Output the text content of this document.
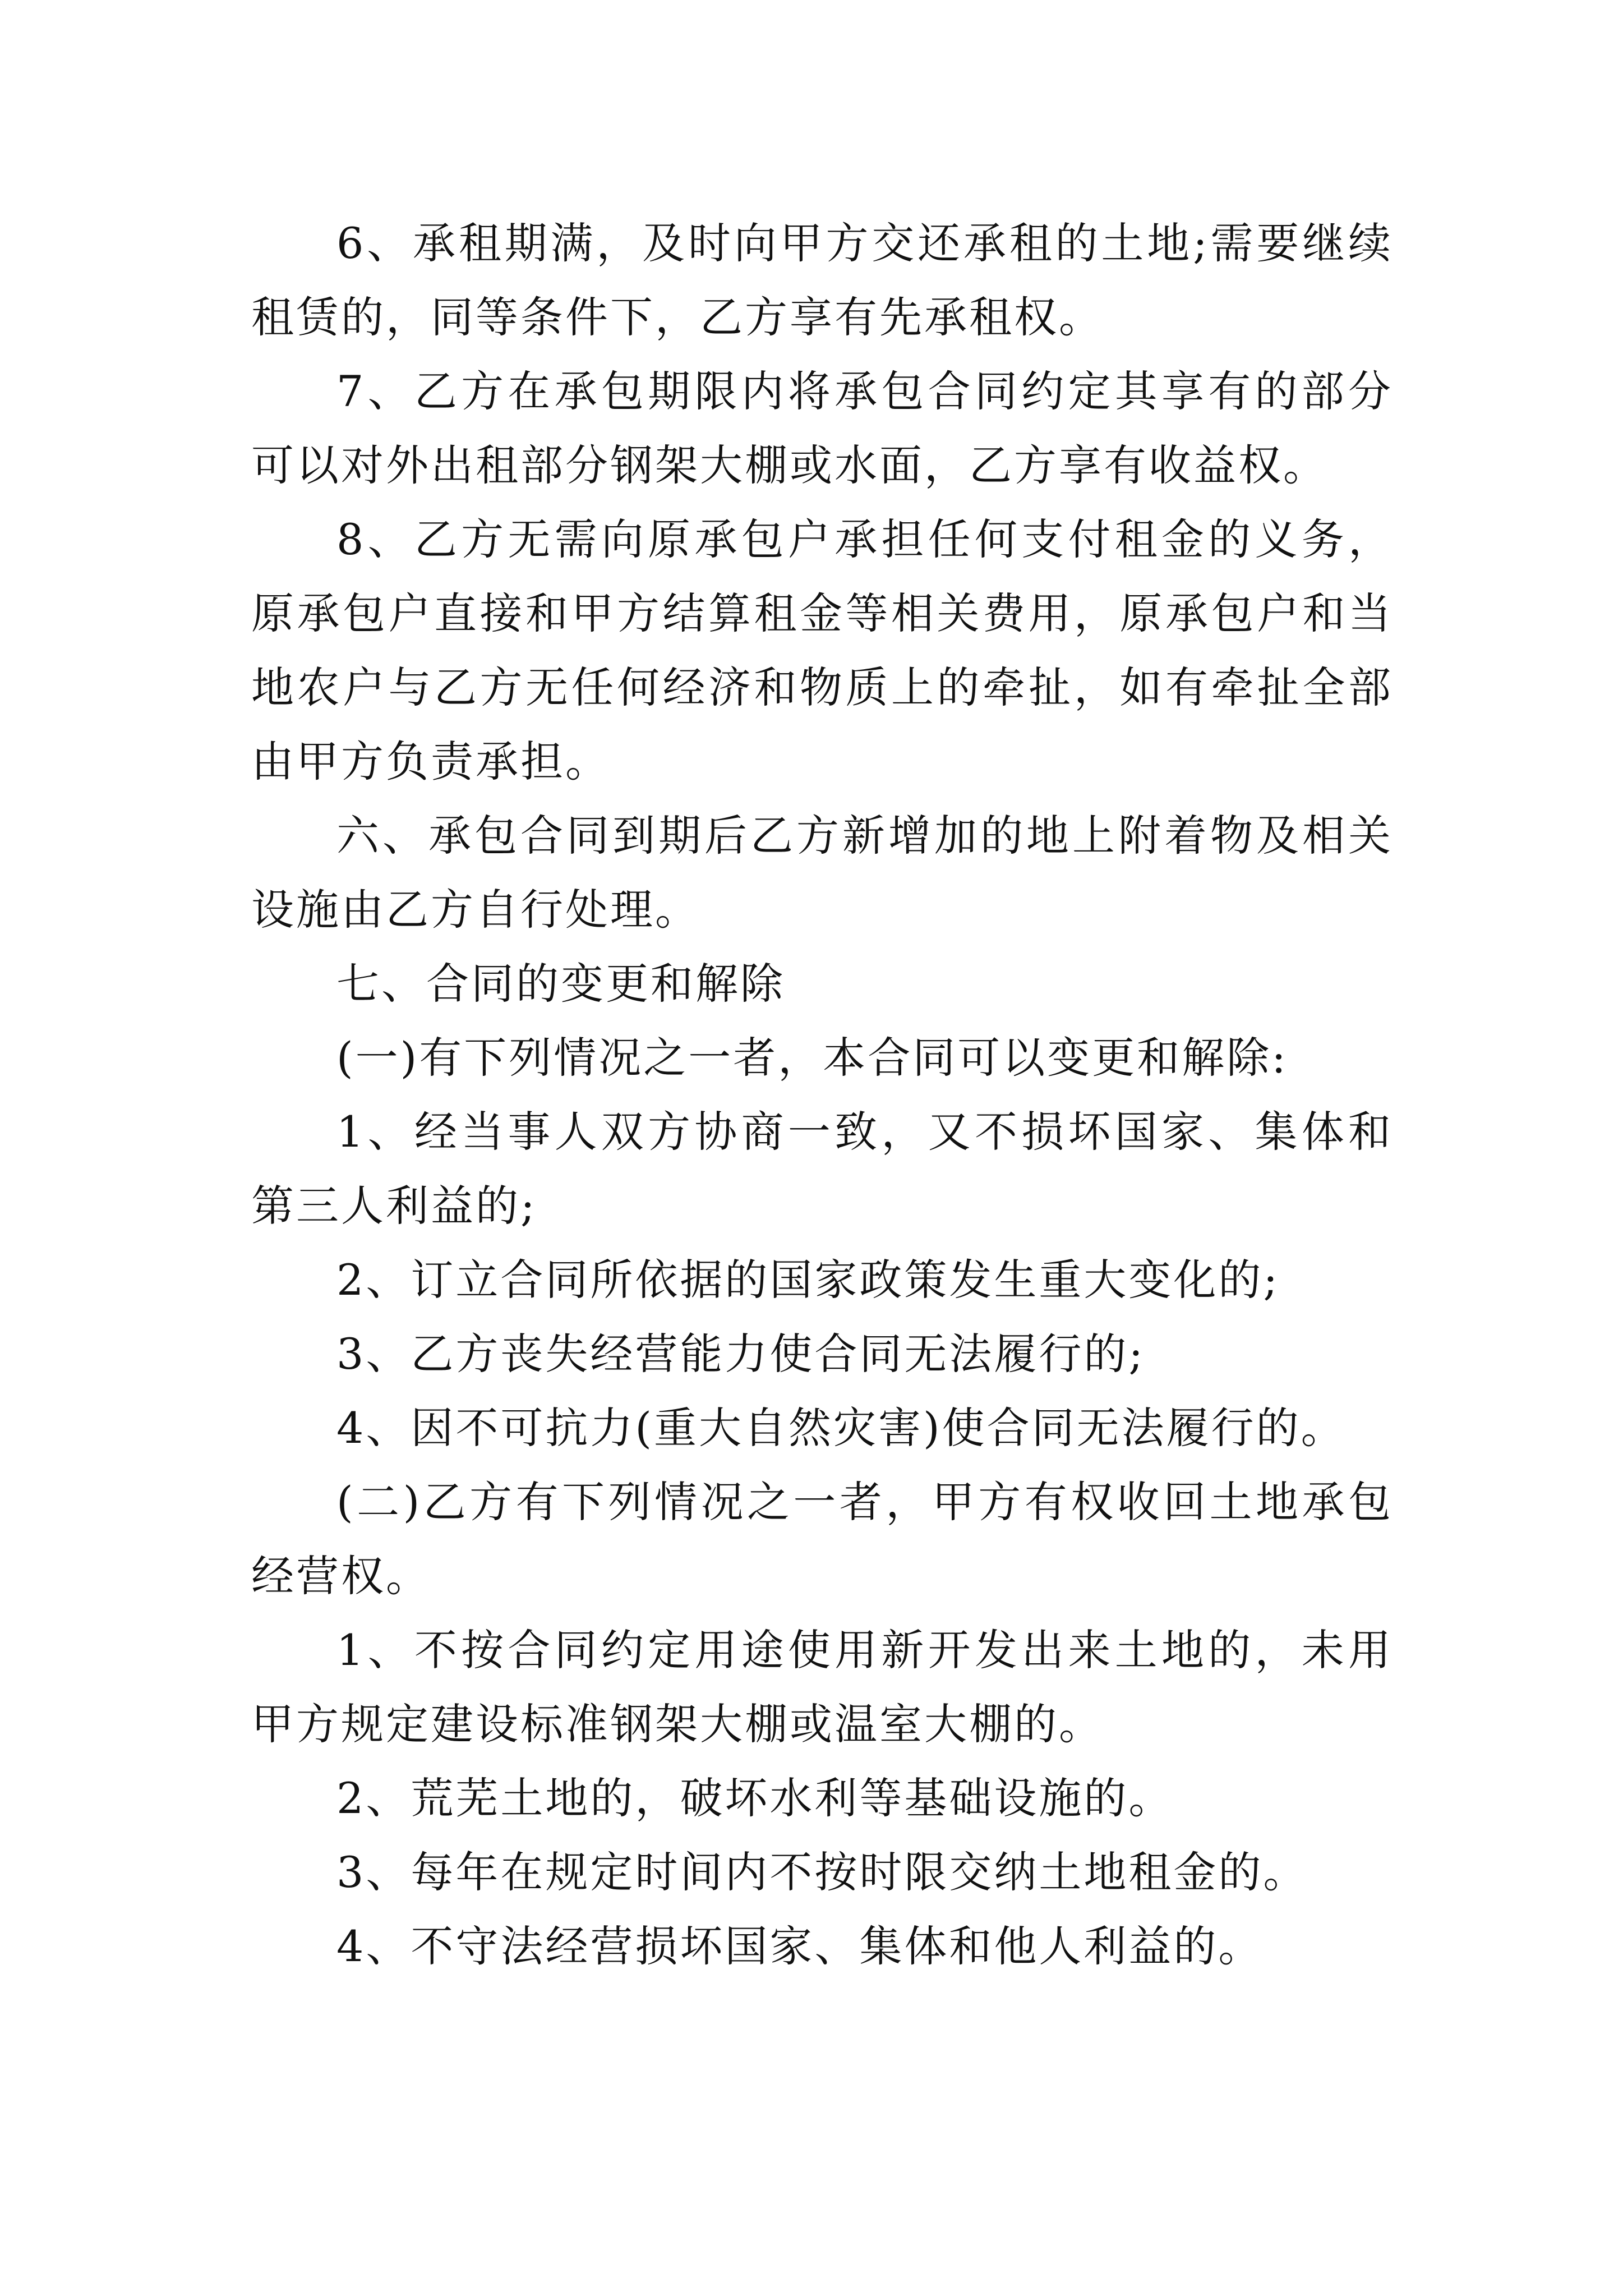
6、承租期满，及时向甲方交还承租的土地;需要继续租赁的，同等条件下，乙方享有先承租权。

7、乙方在承包期限内将承包合同约定其享有的部分可以对外出租部分钢架大棚或水面，乙方享有收益权。

8、乙方无需向原承包户承担任何支付租金的义务，原承包户直接和甲方结算租金等相关费用，原承包户和当地农户与乙方无任何经济和物质上的牵扯，如有牵扯全部由甲方负责承担。

六、承包合同到期后乙方新增加的地上附着物及相关设施由乙方自行处理。

七、合同的变更和解除

(一)有下列情况之一者，本合同可以变更和解除:

1、经当事人双方协商一致，又不损坏国家、集体和第三人利益的;

2、订立合同所依据的国家政策发生重大变化的;

3、乙方丧失经营能力使合同无法履行的;

4、因不可抗力(重大自然灾害)使合同无法履行的。

(二)乙方有下列情况之一者，甲方有权收回土地承包经营权。

1、不按合同约定用途使用新开发出来土地的，未用甲方规定建设标准钢架大棚或温室大棚的。

2、荒芜土地的，破坏水利等基础设施的。

3、每年在规定时间内不按时限交纳土地租金的。

4、不守法经营损坏国家、集体和他人利益的。
